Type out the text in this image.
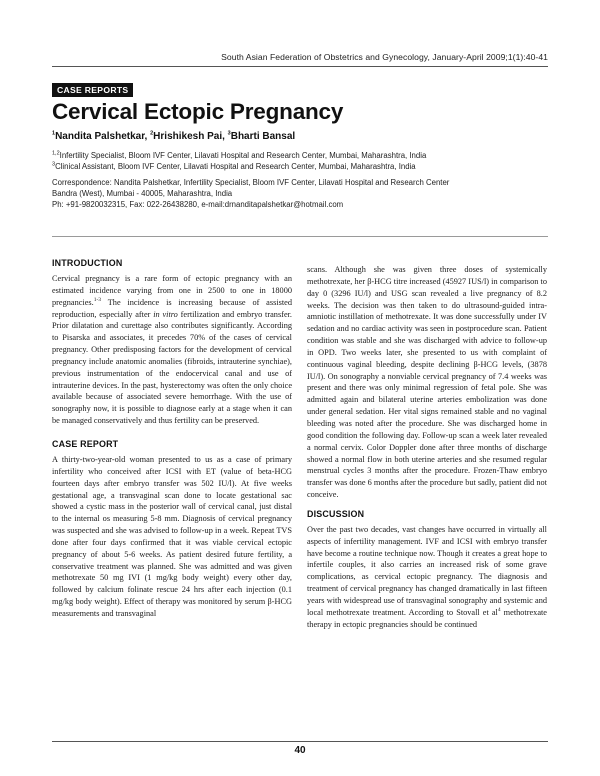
South Asian Federation of Obstetrics and Gynecology, January-April 2009;1(1):40-41
CASE REPORTS
Cervical Ectopic Pregnancy
$^1$Nandita Palshetkar, $^2$Hrishikesh Pai, $^3$Bharti Bansal
$^{1,2}$Infertility Specialist, Bloom IVF Center, Lilavati Hospital and Research Center, Mumbai, Maharashtra, India
$^3$Clinical Assistant, Bloom IVF Center, Lilavati Hospital and Research Center, Mumbai, Maharashtra, India
Correspondence: Nandita Palshetkar, Infertility Specialist, Bloom IVF Center, Lilavati Hospital and Research Center
Bandra (West), Mumbai - 40005, Maharashtra, India
Ph: +91-9820032315, Fax: 022-26438280, e-mail:drnanditapalshetkar@hotmail.com
INTRODUCTION

Cervical pregnancy is a rare form of ectopic pregnancy with an estimated incidence varying from one in 2500 to one in 18000 pregnancies.$^{1-3}$ The incidence is increasing because of assisted reproduction, especially after in vitro fertilization and embryo transfer. Prior dilatation and curettage also contributes significantly. According to Pisarska and associates, it precedes 70% of the cases of cervical pregnancy. Other predisposing factors for the development of cervical pregnancy include anatomic anomalies (fibroids, intrauterine synchiae), previous instrumentation of the endocervical canal and use of intrauterine devices. In the past, hysterectomy was often the only choice available because of associated severe hemorrhage. With the use of sonography now, it is possible to diagnose early at a stage when it can be managed conservatively and thus fertility can be preserved.

CASE REPORT

A thirty-two-year-old woman presented to us as a case of primary infertility who conceived after ICSI with ET (value of beta-HCG fourteen days after embryo transfer was 502 IU/l). At five weeks gestational age, a transvaginal scan done to locate gestational sac showed a cystic mass in the posterior wall of cervical canal, just distal to the internal os measuring 5-8 mm. Diagnosis of cervical pregnancy was suspected and she was advised to follow-up in a week. Repeat TVS done after four days confirmed that it was viable cervical ectopic pregnancy of about 5-6 weeks. As patient desired future fertility, a conservative treatment was planned. She was admitted and was given methotrexate 50 mg IVI (1 mg/kg body weight) every other day, followed by calcium folinate rescue 24 hrs after each injection (0.1 mg/kg body weight). Effect of therapy was monitored by serum β-HCG measurements and transvaginal

scans. Although she was given three doses of systemically methotrexate, her β-HCG titre increased (45927 IUS/l) in comparison to day 0 (3296 IU/l) and USG scan revealed a live pregnancy of 8.2 weeks. The decision was then taken to do ultrasound-guided intra-amniotic instillation of methotrexate. It was done successfully under IV sedation and no cardiac activity was seen in postprocedure scan. Patient condition was stable and she was discharged with advice to follow-up in OPD. Two weeks later, she presented to us with complaint of continuous vaginal bleeding, despite declining β-HCG levels, (3878 IU/l). On sonography a nonviable cervical pregnancy of 7.4 weeks was present and there was only minimal regression of fetal pole. She was admitted again and bilateral uterine arteries embolization was done under general sedation. Her vital signs remained stable and no vaginal bleeding was noted after the procedure. She was discharged home in good condition the following day. Follow-up scan a week later revealed a normal cervix. Color Doppler done after three months of discharge showed a normal flow in both uterine arteries and she resumed regular menstrual cycles 3 months after the procedure. Frozen-Thaw embryo transfer was done 6 months after the procedure but sadly, patient did not conceive.

DISCUSSION

Over the past two decades, vast changes have occurred in virtually all aspects of infertility management. IVF and ICSI with embryo transfer have become a routine technique now. Though it creates a great hope to infertile couples, it also carries an increased risk of some grave complications, as cervical ectopic pregnancy. The diagnosis and treatment of cervical pregnancy has changed dramatically in last fifteen years with widespread use of transvaginal sonography and systemic and local methotrexate treatment. According to Stovall et $al^4$ methotrexate therapy in ectopic pregnancies should be continued

40
